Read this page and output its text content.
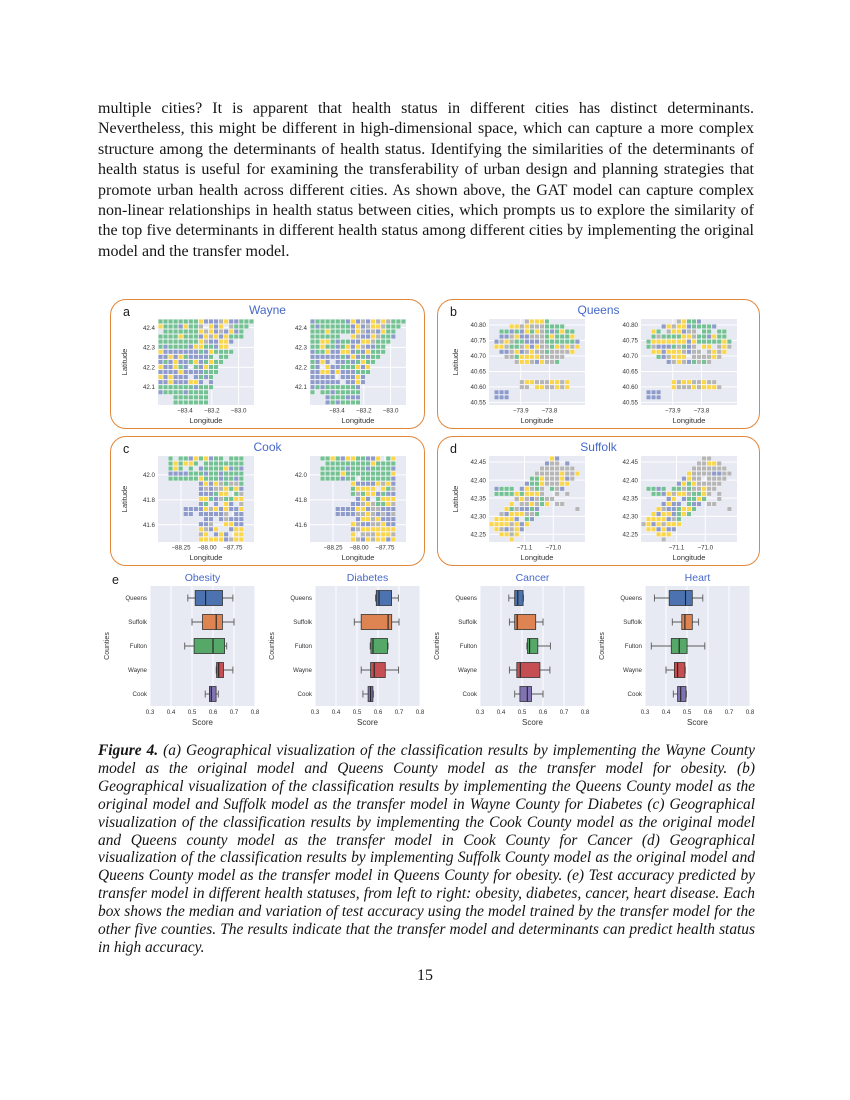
multiple cities? It is apparent that health status in different cities has distinct determinants. Nevertheless, this might be different in high-dimensional space, which can capture a more complex structure among the determinants of health status. Identifying the similarities of the determinants of health status is useful for examining the transferability of urban design and planning strategies that promote urban health across different cities. As shown above, the GAT model can capture complex non-linear relationships in health status between cities, which prompts us to explore the similarity of the top five determinants in different health status among different cities by implementing the original model and the transfer model.

a	Wayne
42.4
42.3
42.2
42.1
−83.4 −83.2 −83.0
Longitude
Latitude
42.4
42.3
42.2
42.1
−83.4 −83.2 −83.0
Longitude
b	Queens
40.80
40.75
40.70
40.65
40.60
40.55
−73.9 −73.8
Longitude
Latitude
40.80
40.75
40.70
40.65
40.60
40.55
−73.9 −73.8
Longitude
c	Cook
42.0
41.8
41.6
−88.25 −88.00 −87.75
Longitude
Latitude
42.0
41.8
41.6
−88.25 −88.00 −87.75
Longitude
d	Suffolk
42.45
42.40
42.35
42.30
42.25
−71.1 −71.0
Longitude
Latitude
42.45
42.40
42.35
42.30
42.25
−71.1 −71.0
Longitude
e	Obesity
Queens
Suffolk
Fulton
Wayne
Cook
0.3 0.4 0.5 0.6 0.7 0.8
Score
Counties
Diabetes
Queens
Suffolk
Fulton
Wayne
Cook
0.3 0.4 0.5 0.6 0.7 0.8
Score
Counties
Cancer
Queens
Suffolk
Fulton
Wayne
Cook
0.3 0.4 0.5 0.6 0.7 0.8
Score
Counties
Heart
Queens
Suffolk
Fulton
Wayne
Cook
0.3 0.4 0.5 0.6 0.7 0.8
Score
Counties

Figure 4. (a) Geographical visualization of the classification results by implementing the Wayne County model as the original model and Queens County model as the transfer model for obesity. (b) Geographical visualization of the classification results by implementing the Queens County model as the original model and Suffolk model as the transfer model in Wayne County for Diabetes (c) Geographical visualization of the classification results by implementing the Cook County model as the original model and Queens county model as the transfer model in Cook County for Cancer (d) Geographical visualization of the classification results by implementing Suffolk County model as the original model and Queens County model as the transfer model in Queens County for obesity. (e) Test accuracy predicted by transfer model in different health statuses, from left to right: obesity, diabetes, cancer, heart disease. Each box shows the median and variation of test accuracy using the model trained by the transfer model for the other five counties. The results indicate that the transfer model and determinants can predict health status in high accuracy.

15
